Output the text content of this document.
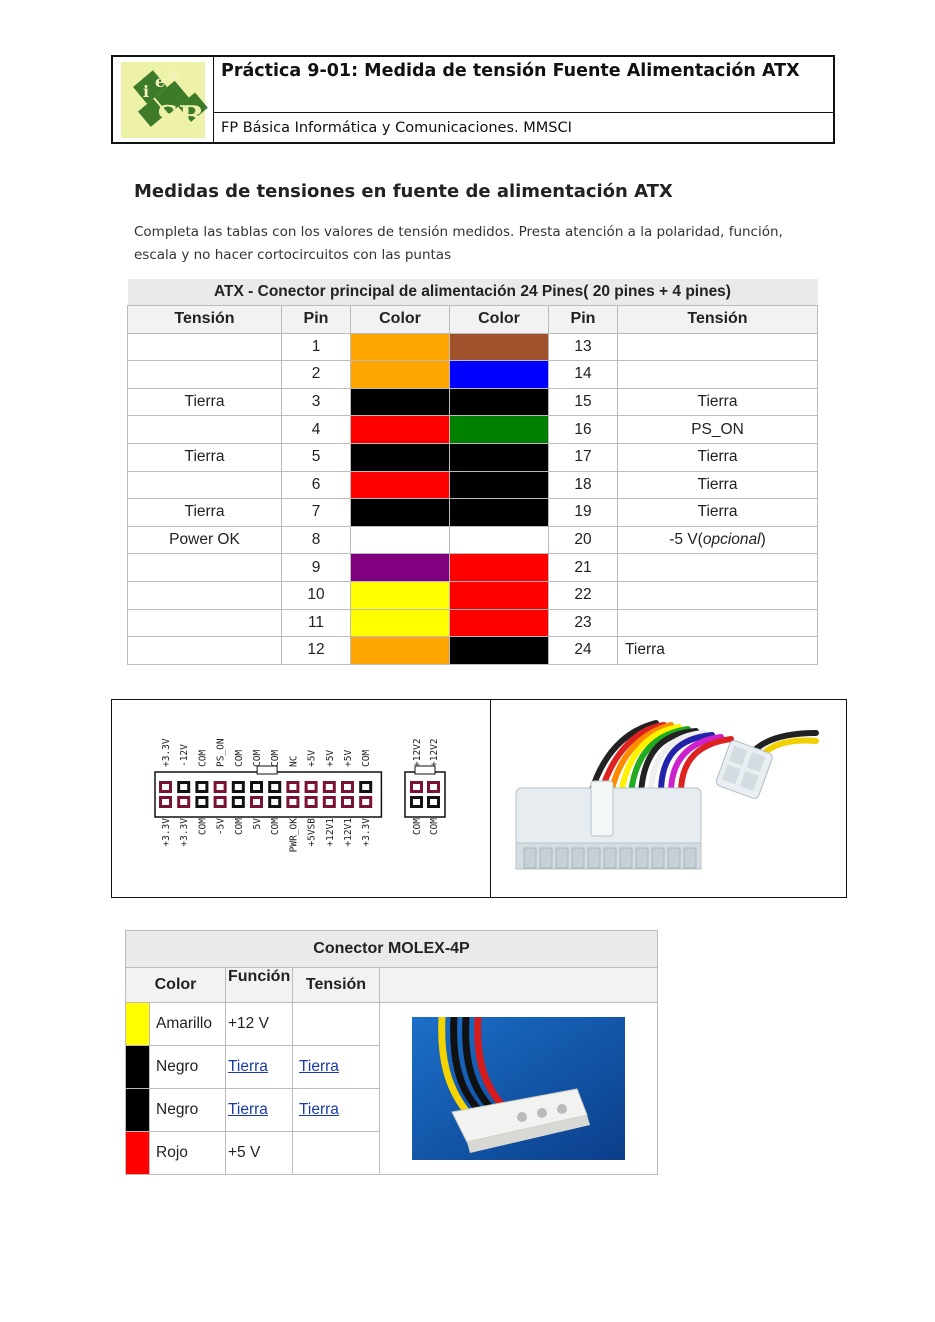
i
e s
SB
Práctica 9-01: Medida de tensión Fuente Alimentación ATX
FP Básica Informática y Comunicaciones. MMSCI
Medidas de tensiones en fuente de alimentación ATX
Completa las tablas con los valores de tensión medidos. Presta atención a la polaridad, función,
escala y no hacer cortocircuitos con las puntas
ATX - Conector principal de alimentación 24 Pines( 20 pines + 4 pines)					
Tensión	Pin	Color	Color	Pin	Tensión
	1			13	
	2			14	
Tierra	3			15	Tierra
	4			16	PS_ON
Tierra	5			17	Tierra
	6			18	Tierra
Tierra	7			19	Tierra
Power OK	8			20	-5 V(opcional)
	9			21	
	10			22	
	11			23	
	12			24	Tierra
+3.3V
+3.3V
-12V
+3.3V
COM
COM
PS_ON
-5V
COM
COM
COM
5V
COM
COM
NC
PWR_OK
+5V
+5VSB
+5V
+12V1
+5V
+12V1
COM
+3.3V
+12V2
COM
+12V2
COM
Conector MOLEX-4P				
Color		Función	Tensión	
	Amarillo	+12 V		

	Negro	Tierra	Tierra	
	Negro	Tierra	Tierra	
	Rojo	+5 V		
